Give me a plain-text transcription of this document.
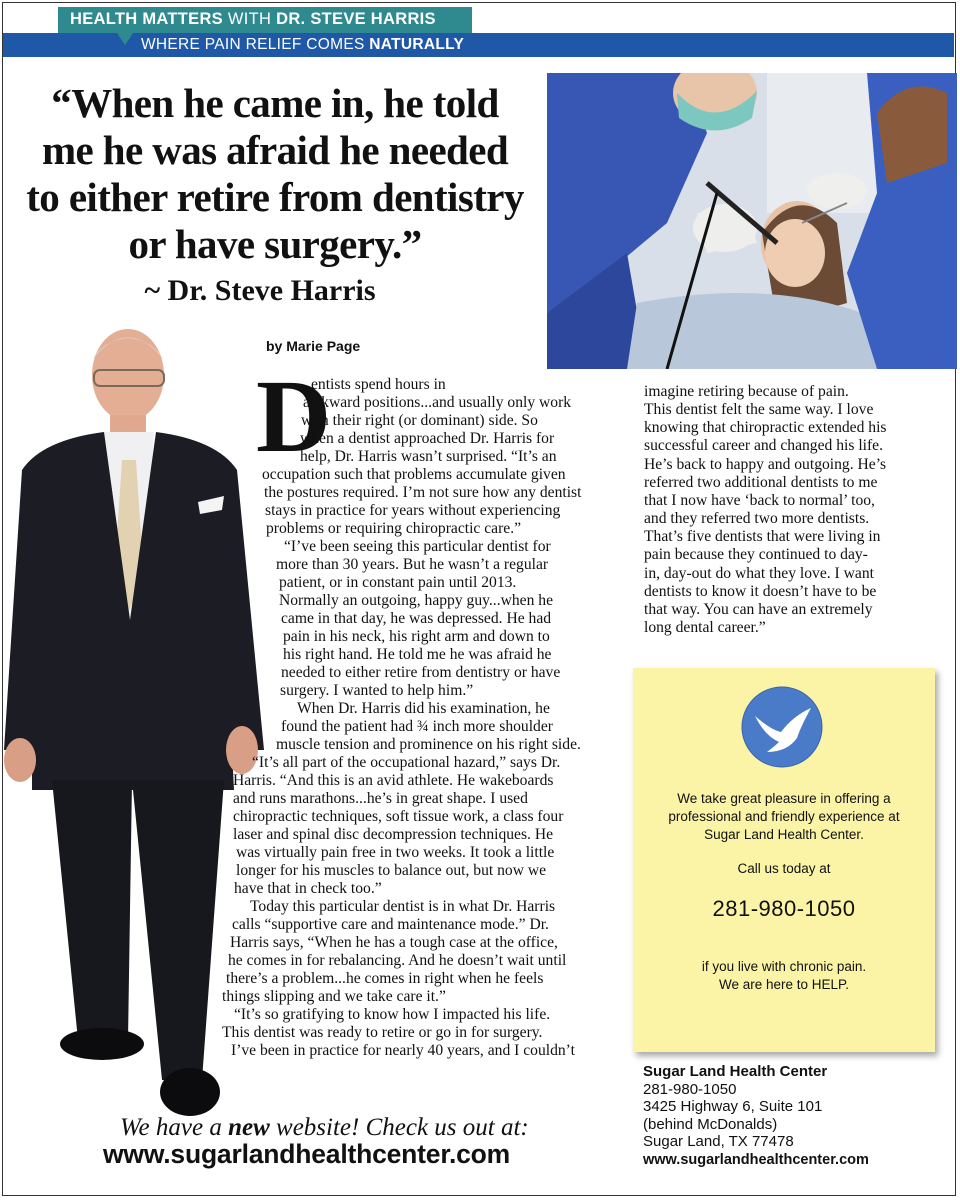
WHERE PAIN RELIEF COMES NATURALLY
HEALTH MATTERS WITH DR. STEVE HARRIS
“When he came in, he told
me he was afraid he needed
to either retire from dentistry
or have surgery.”
~ Dr. Steve Harris
by Marie Page
D
entists spend hours in
awkward positions...and usually only work
with their right (or dominant) side. So
when a dentist approached Dr. Harris for
help, Dr. Harris wasn’t surprised. “It’s an
occupation such that problems accumulate given
the postures required. I’m not sure how any dentist
stays in practice for years without experiencing
problems or requiring chiropractic care.”
“I’ve been seeing this particular dentist for
more than 30 years. But he wasn’t a regular
patient, or in constant pain until 2013.
Normally an outgoing, happy guy...when he
came in that day, he was depressed. He had
pain in his neck, his right arm and down to
his right hand. He told me he was afraid he
needed to either retire from dentistry or have
surgery. I wanted to help him.”
When Dr. Harris did his examination, he
found the patient had ¾ inch more shoulder
muscle tension and prominence on his right side.
“It’s all part of the occupational hazard,” says Dr.
Harris. “And this is an avid athlete. He wakeboards
and runs marathons...he’s in great shape. I used
chiropractic techniques, soft tissue work, a class four
laser and spinal disc decompression techniques. He
was virtually pain free in two weeks. It took a little
longer for his muscles to balance out, but now we
have that in check too.”
Today this particular dentist is in what Dr. Harris
calls “supportive care and maintenance mode.” Dr.
Harris says, “When he has a tough case at the office,
he comes in for rebalancing. And he doesn’t wait until
there’s a problem...he comes in right when he feels
things slipping and we take care it.”
“It’s so gratifying to know how I impacted his life.
This dentist was ready to retire or go in for surgery.
I’ve been in practice for nearly 40 years, and I couldn’t
imagine retiring because of pain.
This dentist felt the same way. I love
knowing that chiropractic extended his
successful career and changed his life.
He’s back to happy and outgoing. He’s
referred two additional dentists to me
that I now have ‘back to normal’ too,
and they referred two more dentists.
That’s five dentists that were living in
pain because they continued to day-
in, day-out do what they love. I want
dentists to know it doesn’t have to be
that way. You can have an extremely
long dental career.”
We take great pleasure in offering a
professional and friendly experience at
Sugar Land Health Center.
Call us today at
281-980-1050
if you live with chronic pain.
We are here to HELP.
Sugar Land Health Center
281-980-1050
3425 Highway 6, Suite 101
(behind McDonalds)
Sugar Land, TX 77478
www.sugarlandhealthcenter.com
We have a new website! Check us out at:
www.sugarlandhealthcenter.com
